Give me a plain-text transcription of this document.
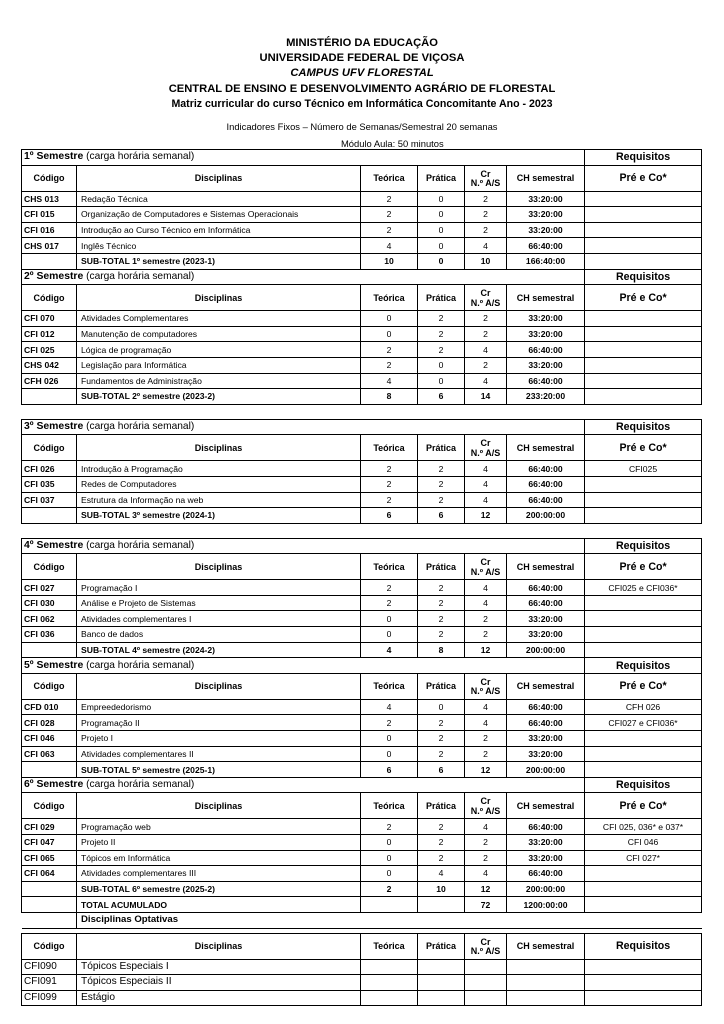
MINISTÉRIO DA EDUCAÇÃO
UNIVERSIDADE FEDERAL DE VIÇOSA
CAMPUS UFV FLORESTAL
CENTRAL DE ENSINO E DESENVOLVIMENTO AGRÁRIO DE FLORESTAL
Matriz curricular do curso Técnico em Informática Concomitante Ano - 2023
Indicadores Fixos – Número de Semanas/Semestral 20 semanas
Módulo Aula: 50 minutos
1º Semestre (carga horária semanal)						Requisitos
Código	Disciplinas	Teórica	Prática	Cr
N.º A/S	CH semestral	Pré e Co*
CHS 013	Redação Técnica	2	0	2	33:20:00	
CFI 015	Organização de Computadores e Sistemas Operacionais	2	0	2	33:20:00	
CFI 016	Introdução ao Curso Técnico em Informática	2	0	2	33:20:00	
CHS 017	Inglês Técnico	4	0	4	66:40:00	
	SUB-TOTAL 1º semestre (2023-1)	10	0	10	166:40:00	
2º Semestre (carga horária semanal)						Requisitos
Código	Disciplinas	Teórica	Prática	Cr
N.º A/S	CH semestral	Pré e Co*
CFI 070	Atividades Complementares	0	2	2	33:20:00	
CFI 012	Manutenção de computadores	0	2	2	33:20:00	
CFI 025	Lógica de programação	2	2	4	66:40:00	
CHS 042	Legislação para Informática	2	0	2	33:20:00	
CFH 026	Fundamentos de Administração	4	0	4	66:40:00	
	SUB-TOTAL 2º semestre (2023-2)	8	6	14	233:20:00	

3º Semestre (carga horária semanal)						Requisitos
Código	Disciplinas	Teórica	Prática	Cr
N.º A/S	CH semestral	Pré e Co*
CFI 026	Introdução à Programação	2	2	4	66:40:00	CFI025
CFI 035	Redes de Computadores	2	2	4	66:40:00	
CFI 037	Estrutura da Informação na web	2	2	4	66:40:00	
	SUB-TOTAL 3º semestre (2024-1)	6	6	12	200:00:00	

4º Semestre (carga horária semanal)						Requisitos
Código	Disciplinas	Teórica	Prática	Cr
N.º A/S	CH semestral	Pré e Co*
CFI 027	Programação I	2	2	4	66:40:00	CFI025 e CFI036*
CFI 030	Análise e Projeto de Sistemas	2	2	4	66:40:00	
CFI 062	Atividades complementares I	0	2	2	33:20:00	
CFI 036	Banco de dados	0	2	2	33:20:00	
	SUB-TOTAL 4º semestre (2024-2)	4	8	12	200:00:00	
5º Semestre (carga horária semanal)						Requisitos
Código	Disciplinas	Teórica	Prática	Cr
N.º A/S	CH semestral	Pré e Co*
CFD 010	Empreededorismo	4	0	4	66:40:00	CFH 026
CFI 028	Programação II	2	2	4	66:40:00	CFI027 e CFI036*
CFI 046	Projeto I	0	2	2	33:20:00	
CFI 063	Atividades complementares II	0	2	2	33:20:00	
	SUB-TOTAL 5º semestre (2025-1)	6	6	12	200:00:00	
6º Semestre (carga horária semanal)						Requisitos
Código	Disciplinas	Teórica	Prática	Cr
N.º A/S	CH semestral	Pré e Co*
CFI 029	Programação web	2	2	4	66:40:00	CFI 025, 036* e 037*
CFI 047	Projeto II	0	2	2	33:20:00	CFI 046
CFI 065	Tópicos em Informática	0	2	2	33:20:00	CFI 027*
CFI 064	Atividades complementares III	0	4	4	66:40:00	
	SUB-TOTAL 6º semestre (2025-2)	2	10	12	200:00:00	
	TOTAL ACUMULADO			72	1200:00:00	
	Disciplinas Optativas					

Código	Disciplinas	Teórica	Prática	Cr
N.º A/S	CH semestral	Requisitos
CFI090	Tópicos Especiais I					
CFI091	Tópicos Especiais II					
CFI099	Estágio					
